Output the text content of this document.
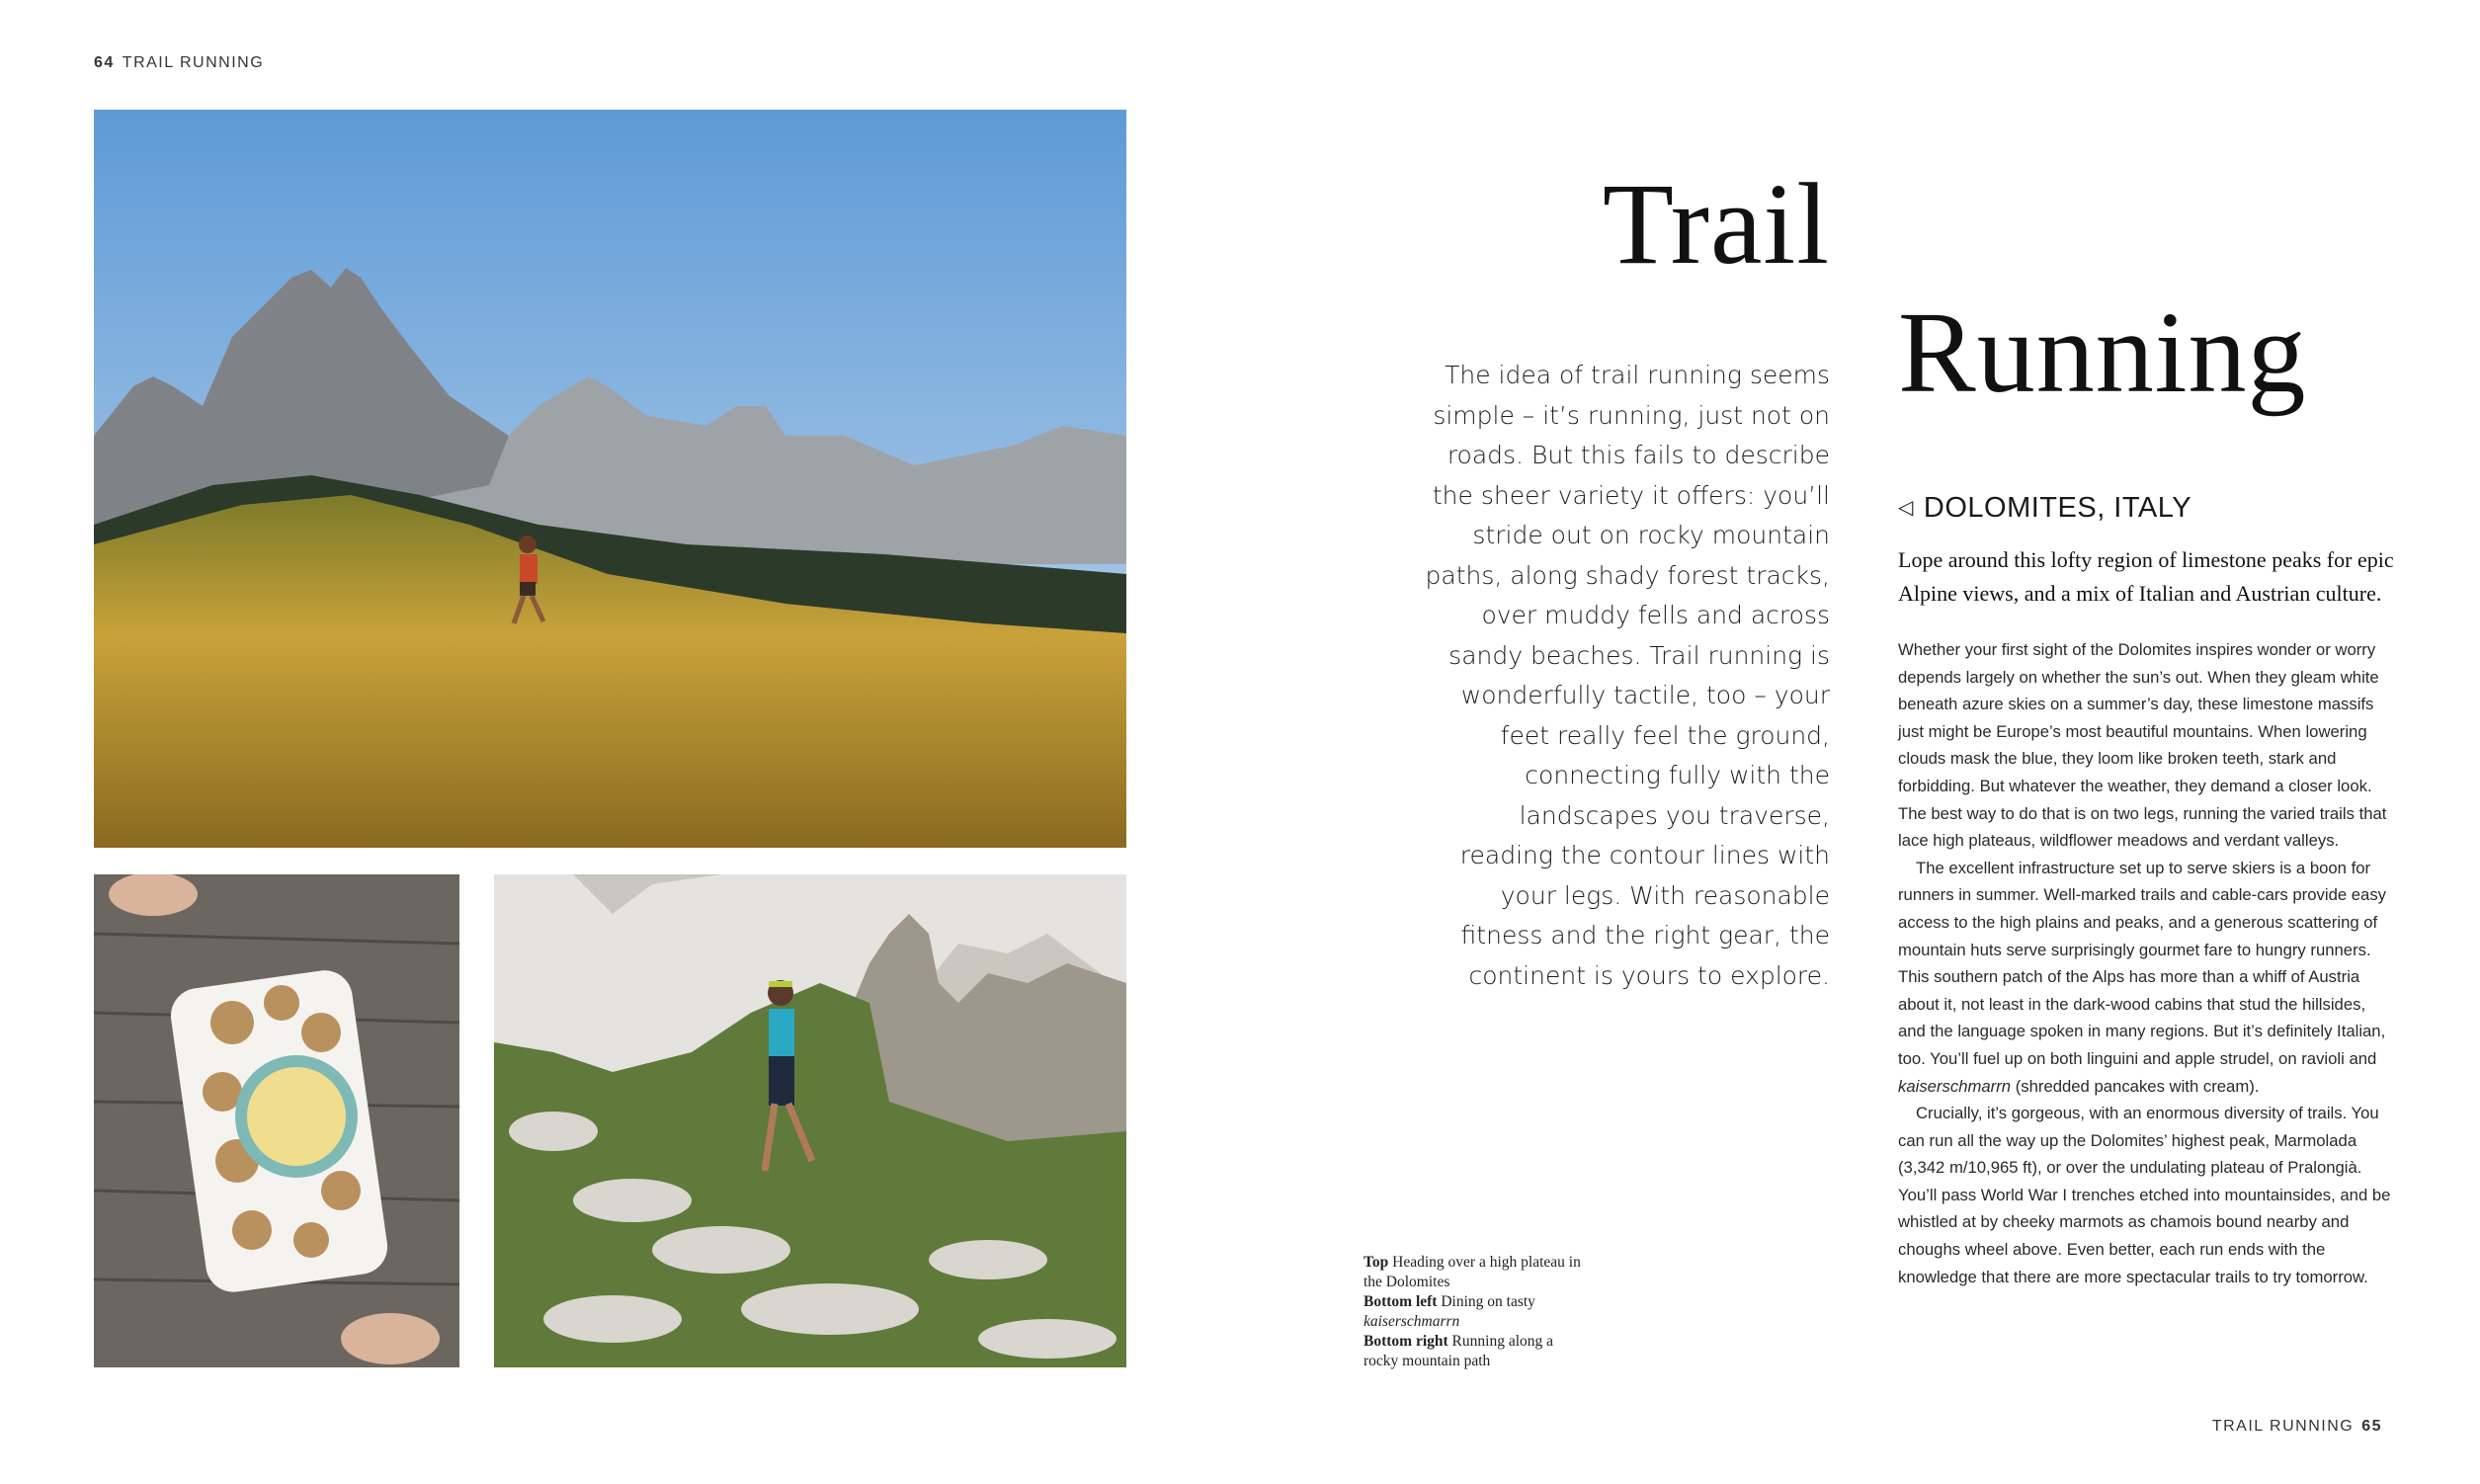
64 TRAIL RUNNING
TRAIL RUNNING 65
Trail
Running
The idea of trail running seems simple – it’s running, just not on roads. But this fails to describe the sheer variety it offers: you’ll stride out on rocky mountain paths, along shady forest tracks, over muddy fells and across sandy beaches. Trail running is wonderfully tactile, too – your feet really feel the ground, connecting fully with the landscapes you traverse, reading the contour lines with your legs. With reasonable fitness and the right gear, the continent is yours to explore.
Top Heading over a high plateau in the Dolomites
Bottom left Dining on tasty kaiserschmarrn
Bottom right Running along a rocky mountain path
◁ DOLOMITES, ITALY
Lope around this lofty region of limestone peaks for epic Alpine views, and a mix of Italian and Austrian culture.

Whether your first sight of the Dolomites inspires wonder or worry depends largely on whether the sun’s out. When they gleam white beneath azure skies on a summer’s day, these limestone massifs just might be Europe’s most beautiful mountains. When lowering clouds mask the blue, they loom like broken teeth, stark and forbidding. But whatever the weather, they demand a closer look. The best way to do that is on two legs, running the varied trails that lace high plateaus, wildflower meadows and verdant valleys.

The excellent infrastructure set up to serve skiers is a boon for runners in summer. Well-marked trails and cable-cars provide easy access to the high plains and peaks, and a generous scattering of mountain huts serve surprisingly gourmet fare to hungry runners. This southern patch of the Alps has more than a whiff of Austria about it, not least in the dark-wood cabins that stud the hillsides, and the language spoken in many regions. But it’s definitely Italian, too. You’ll fuel up on both linguini and apple strudel, on ravioli and kaiserschmarrn (shredded pancakes with cream).

Crucially, it’s gorgeous, with an enormous diversity of trails. You can run all the way up the Dolomites’ highest peak, Marmolada (3,342 m/10,965 ft), or over the undulating plateau of Pralongià. You’ll pass World War I trenches etched into mountainsides, and be whistled at by cheeky marmots as chamois bound nearby and choughs wheel above. Even better, each run ends with the knowledge that there are more spectacular trails to try tomorrow.
